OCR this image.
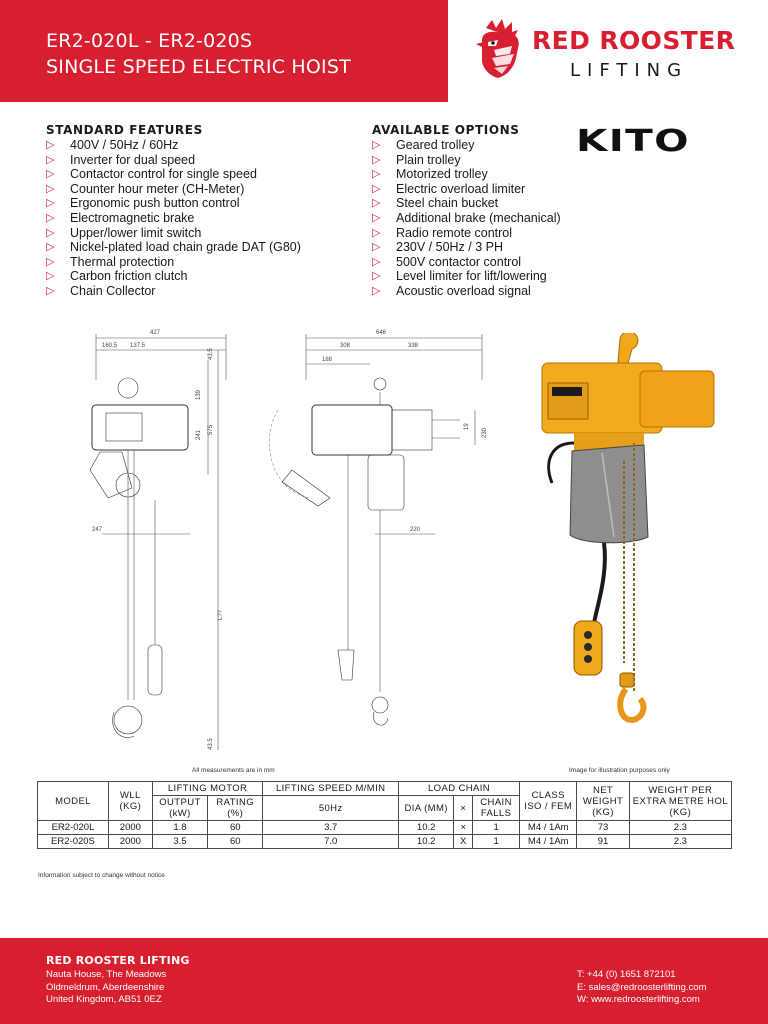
ER2-020L - ER2-020S
SINGLE SPEED ELECTRIC HOIST
RED ROOSTER
LIFTING
STANDARD FEATURES
▷ 400V / 50Hz / 60Hz
▷ Inverter for dual speed
▷ Contactor control for single speed
▷ Counter hour meter (CH-Meter)
▷ Ergonomic push button control
▷ Electromagnetic brake
▷ Upper/lower limit switch
▷ Nickel-plated load chain grade DAT (G80)
▷ Thermal protection
▷ Carbon friction clutch
▷ Chain Collector
AVAILABLE OPTIONS
▷ Geared trolley
▷ Plain trolley
▷ Motorized trolley
▷ Electric overload limiter
▷ Steel chain bucket
▷ Additional brake (mechanical)
▷ Radio remote control
▷ 230V / 50Hz / 3 PH
▷ 500V contactor control
▷ Level limiter for lift/lowering
▷ Acoustic overload signal
KITO
427
160.5 137.5
43.5
139
241 575
247
43.5
646
308	338
188
19
230
220
L??
All measurements are in mm	Image for illustration purposes only
MODEL	WLL (KG)	LIFTING MOTOR		LIFTING SPEED M/MIN	LOAD CHAIN			CLASS ISO / FEM	NET WEIGHT (KG)	WEIGHT PER EXTRA METRE HOL (KG)
		OUTPUT (kW)	RATING (%)	50Hz	DIA (MM)	×	CHAIN FALLS			
ER2-020L	2000	1.8	60	3.7	10.2	×	1	M4 / 1Am	73	2.3
ER2-020S	2000	3.5	60	7.0	10.2	X	1	M4 / 1Am	91	2.3
Information subject to change without notice
RED ROOSTER LIFTING
Nauta House, The Meadows
Oldmeldrum, Aberdeenshire
United Kingdom, AB51 0EZ
T: +44 (0) 1651 872101
E: sales@redroosterlifting.com
W: www.redroosterlifting.com
